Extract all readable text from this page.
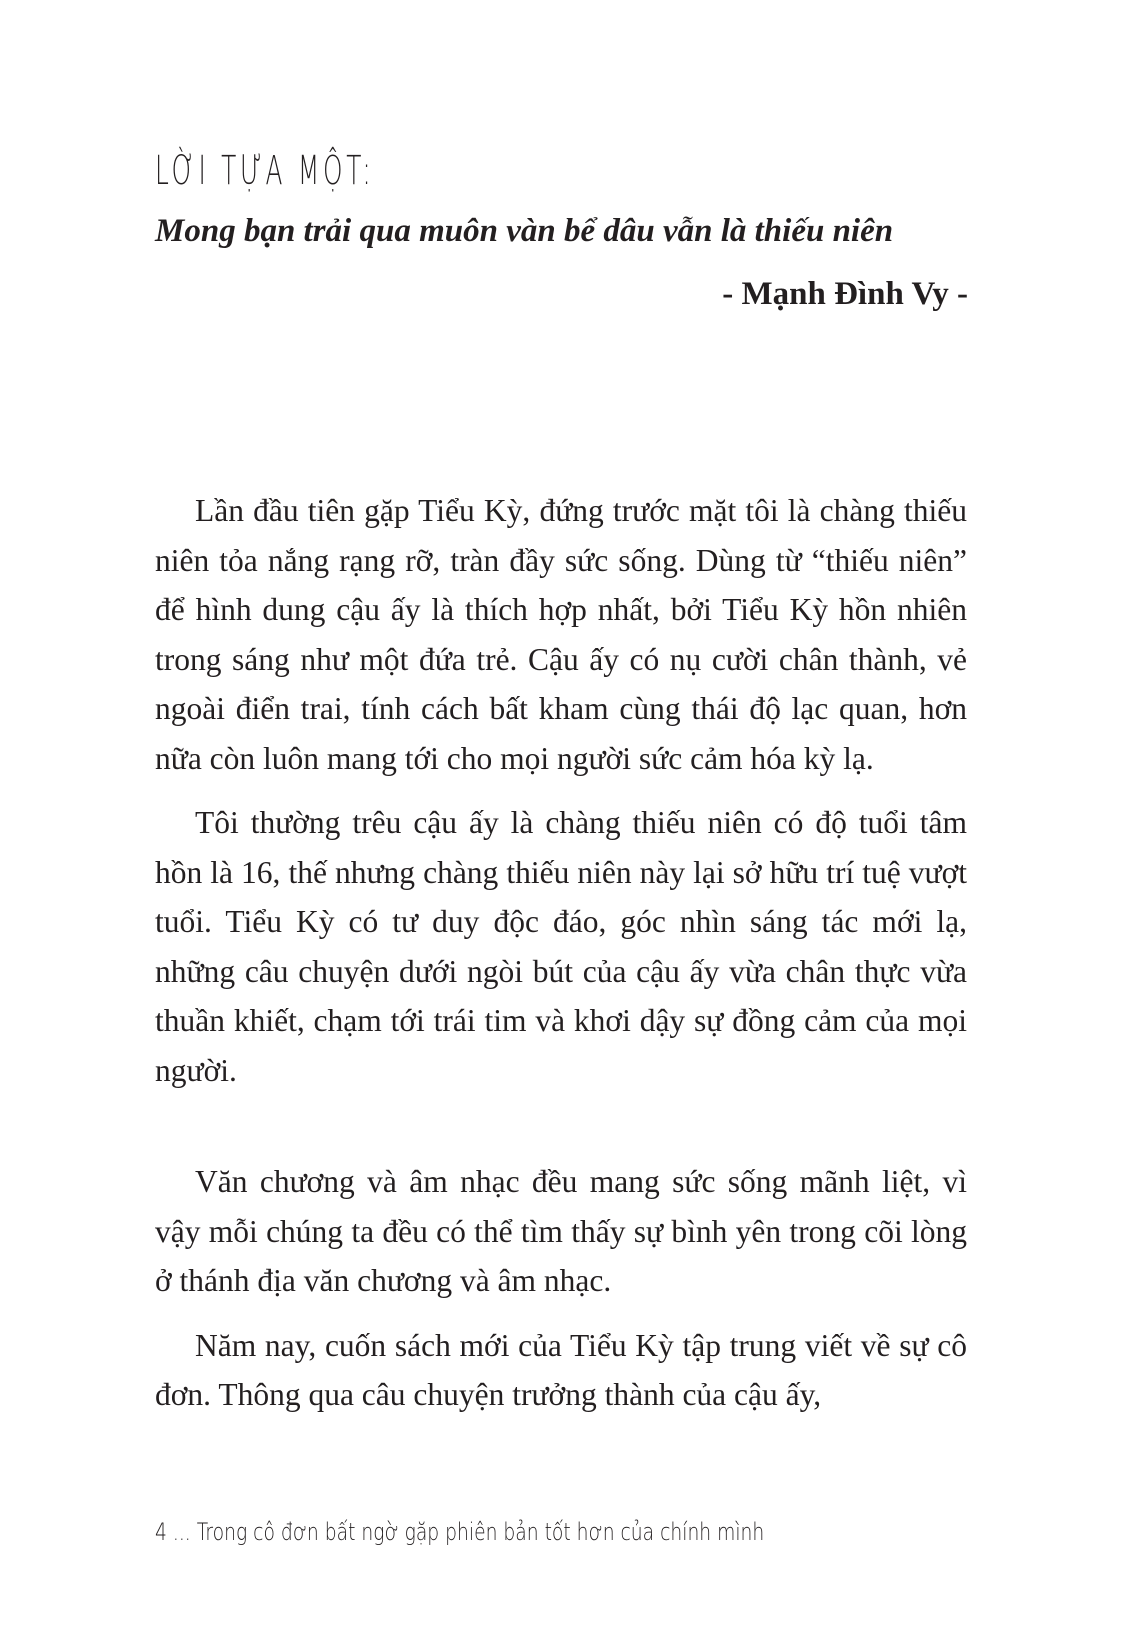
LỜI TỰA MỘT:
Mong bạn trải qua muôn vàn bể dâu vẫn là thiếu niên
- Mạnh Đình Vy -

Lần đầu tiên gặp Tiểu Kỳ, đứng trước mặt tôi là chàng thiếu niên tỏa nắng rạng rỡ, tràn đầy sức sống. Dùng từ “thiếu niên” để hình dung cậu ấy là thích hợp nhất, bởi Tiểu Kỳ hồn nhiên trong sáng như một đứa trẻ. Cậu ấy có nụ cười chân thành, vẻ ngoài điển trai, tính cách bất kham cùng thái độ lạc quan, hơn nữa còn luôn mang tới cho mọi người sức cảm hóa kỳ lạ.

Tôi thường trêu cậu ấy là chàng thiếu niên có độ tuổi tâm hồn là 16, thế nhưng chàng thiếu niên này lại sở hữu trí tuệ vượt tuổi. Tiểu Kỳ có tư duy độc đáo, góc nhìn sáng tác mới lạ, những câu chuyện dưới ngòi bút của cậu ấy vừa chân thực vừa thuần khiết, chạm tới trái tim và khơi dậy sự đồng cảm của mọi người.

Văn chương và âm nhạc đều mang sức sống mãnh liệt, vì vậy mỗi chúng ta đều có thể tìm thấy sự bình yên trong cõi lòng ở thánh địa văn chương và âm nhạc.

Năm nay, cuốn sách mới của Tiểu Kỳ tập trung viết về sự cô đơn. Thông qua câu chuyện trưởng thành của cậu ấy,

4 ... Trong cô đơn bất ngờ gặp phiên bản tốt hơn của chính mình
